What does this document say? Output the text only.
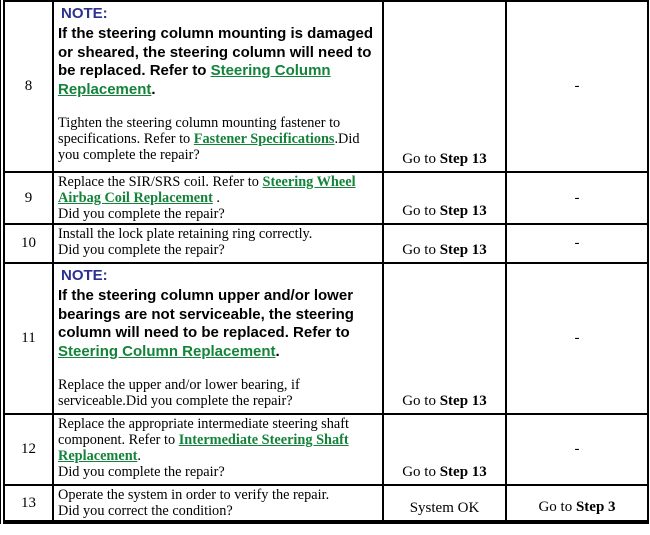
8	NOTE:
If the steering column mounting is damaged or sheared, the steering column will need to be replaced. Refer to Steering Column Replacement.
Tighten the steering column mounting fastener to specifications. Refer to Fastener Specifications.Did you complete the repair?	Go to Step 13	-
9	Replace the SIR/SRS coil. Refer to Steering Wheel Airbag Coil Replacement .
Did you complete the repair?	Go to Step 13	-
10	Install the lock plate retaining ring correctly.
Did you complete the repair?	Go to Step 13	-
11	NOTE:
If the steering column upper and/or lower bearings are not serviceable, the steering column will need to be replaced. Refer to Steering Column Replacement.
Replace the upper and/or lower bearing, if serviceable.Did you complete the repair?	Go to Step 13	-
12	Replace the appropriate intermediate steering shaft component. Refer to Intermediate Steering Shaft Replacement.
Did you complete the repair?	Go to Step 13	-
13	Operate the system in order to verify the repair.
Did you correct the condition?	System OK	Go to Step 3
